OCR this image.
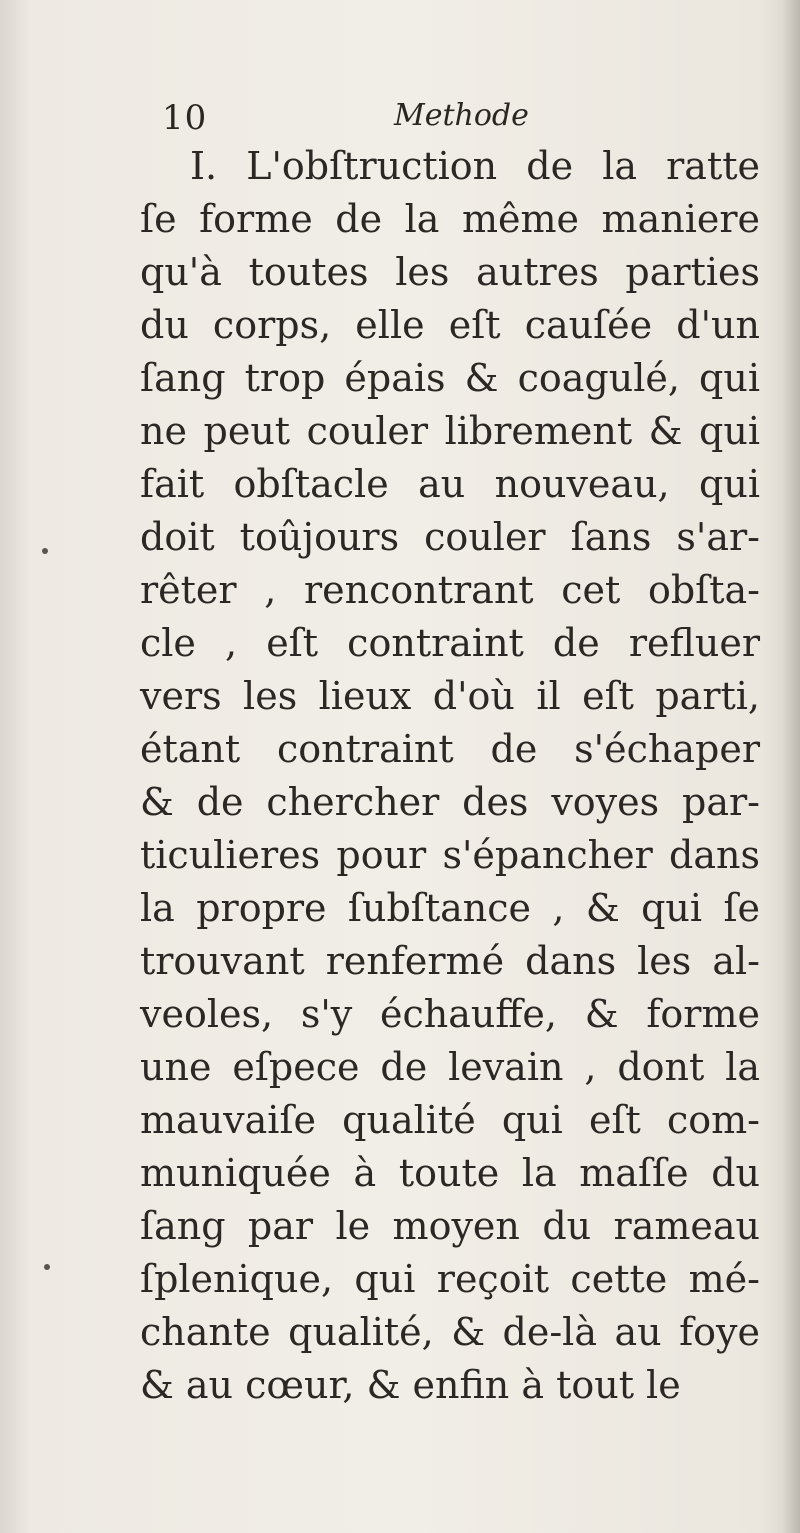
10	Methode
I. L'obſtruction de la ratte
ſe forme de la même maniere
qu'à toutes les autres parties
du corps, elle eſt cauſée d'un
ſang trop épais & coagulé, qui
ne peut couler librement & qui
fait obſtacle au nouveau, qui
doit toûjours couler ſans s'ar-
rêter , rencontrant cet obſta-
cle , eſt contraint de refluer
vers les lieux d'où il eſt parti,
étant contraint de s'échaper
& de chercher des voyes par-
ticulieres pour s'épancher dans
la propre ſubſtance , & qui ſe
trouvant renfermé dans les al-
veoles, s'y échauffe, & forme
une eſpece de levain , dont la
mauvaiſe qualité qui eſt com-
muniquée à toute la maſſe du
ſang par le moyen du rameau
ſplenique, qui reçoit cette mé-
chante qualité, & de-là au foye
& au cœur, & enfin à tout le
